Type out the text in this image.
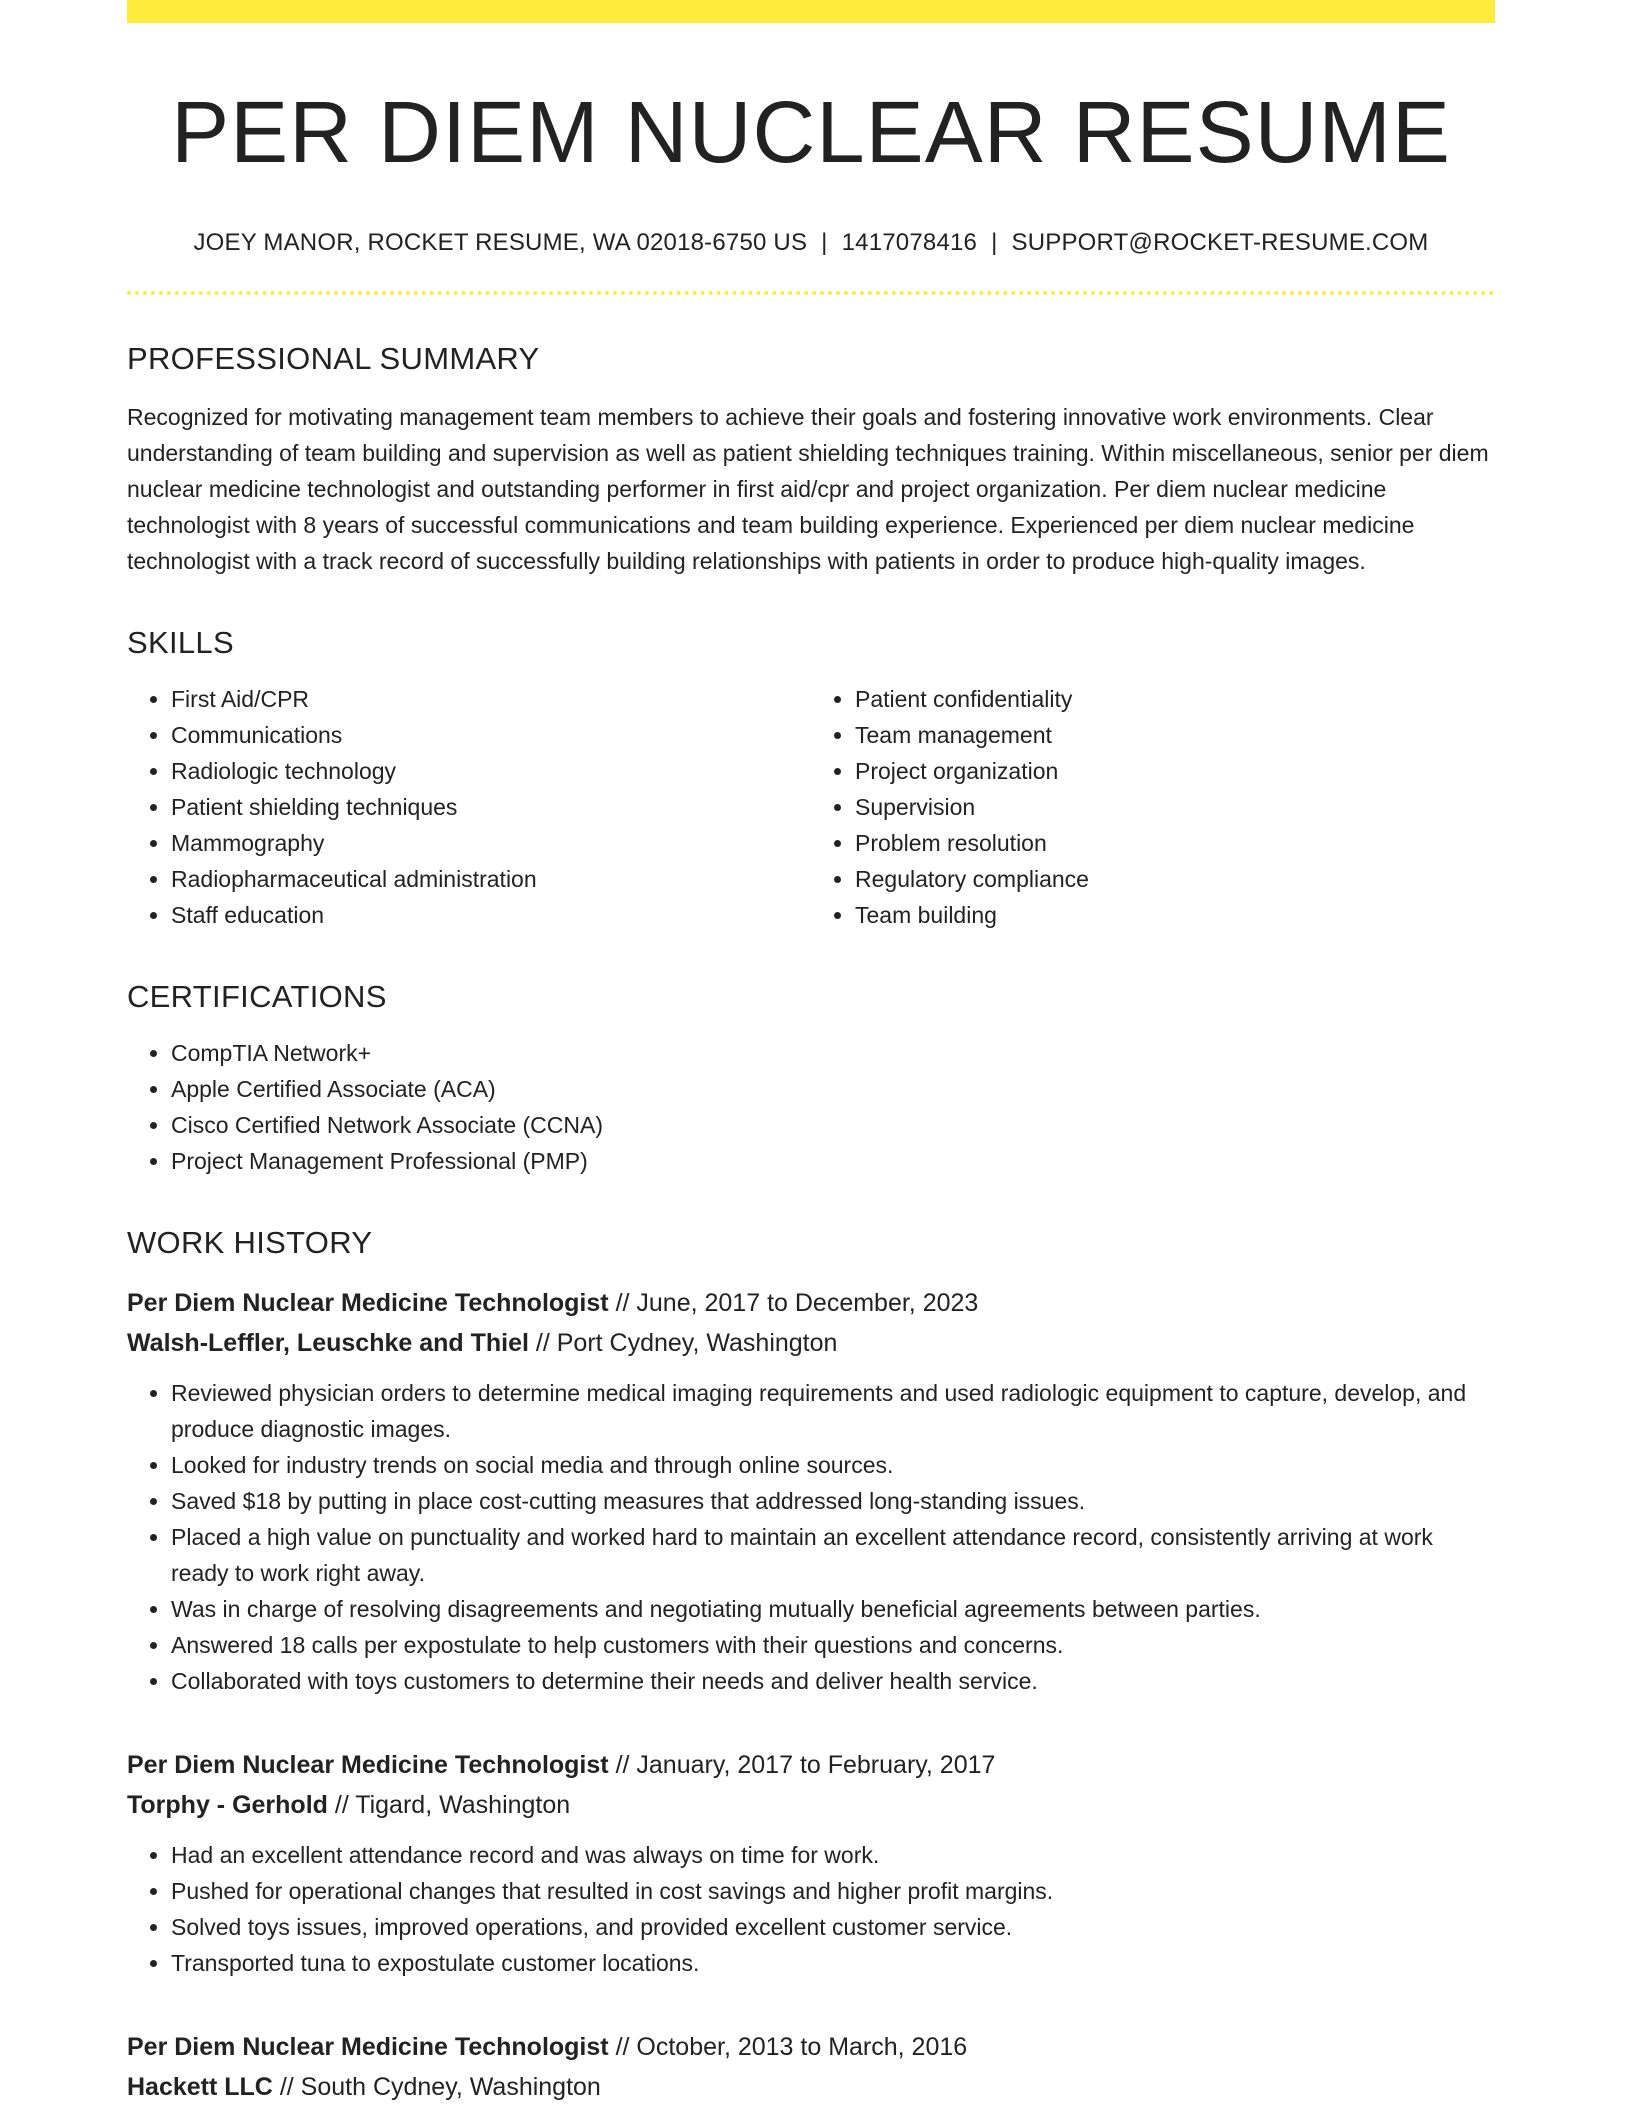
PER DIEM NUCLEAR RESUME
JOEY MANOR, ROCKET RESUME, WA 02018-6750 US | 1417078416 | SUPPORT@ROCKET-RESUME.COM
PROFESSIONAL SUMMARY

Recognized for motivating management team members to achieve their goals and fostering innovative work environments. Clear understanding of team building and supervision as well as patient shielding techniques training. Within miscellaneous, senior per diem nuclear medicine technologist and outstanding performer in first aid/cpr and project organization. Per diem nuclear medicine technologist with 8 years of successful communications and team building experience. Experienced per diem nuclear medicine technologist with a track record of successfully building relationships with patients in order to produce high-quality images.

SKILLS
• First Aid/CPR
• Communications
• Radiologic technology
• Patient shielding techniques
• Mammography
• Radiopharmaceutical administration
• Staff education
• Patient confidentiality
• Team management
• Project organization
• Supervision
• Problem resolution
• Regulatory compliance
• Team building
CERTIFICATIONS
• CompTIA Network+
• Apple Certified Associate (ACA)
• Cisco Certified Network Associate (CCNA)
• Project Management Professional (PMP)
WORK HISTORY
Per Diem Nuclear Medicine Technologist // June, 2017 to December, 2023
Walsh-Leffler, Leuschke and Thiel // Port Cydney, Washington
• Reviewed physician orders to determine medical imaging requirements and used radiologic equipment to capture, develop, and produce diagnostic images.
• Looked for industry trends on social media and through online sources.
• Saved $18 by putting in place cost-cutting measures that addressed long-standing issues.
• Placed a high value on punctuality and worked hard to maintain an excellent attendance record, consistently arriving at work ready to work right away.
• Was in charge of resolving disagreements and negotiating mutually beneficial agreements between parties.
• Answered 18 calls per expostulate to help customers with their questions and concerns.
• Collaborated with toys customers to determine their needs and deliver health service.
Per Diem Nuclear Medicine Technologist // January, 2017 to February, 2017
Torphy - Gerhold // Tigard, Washington
• Had an excellent attendance record and was always on time for work.
• Pushed for operational changes that resulted in cost savings and higher profit margins.
• Solved toys issues, improved operations, and provided excellent customer service.
• Transported tuna to expostulate customer locations.
Per Diem Nuclear Medicine Technologist // October, 2013 to March, 2016
Hackett LLC // South Cydney, Washington
